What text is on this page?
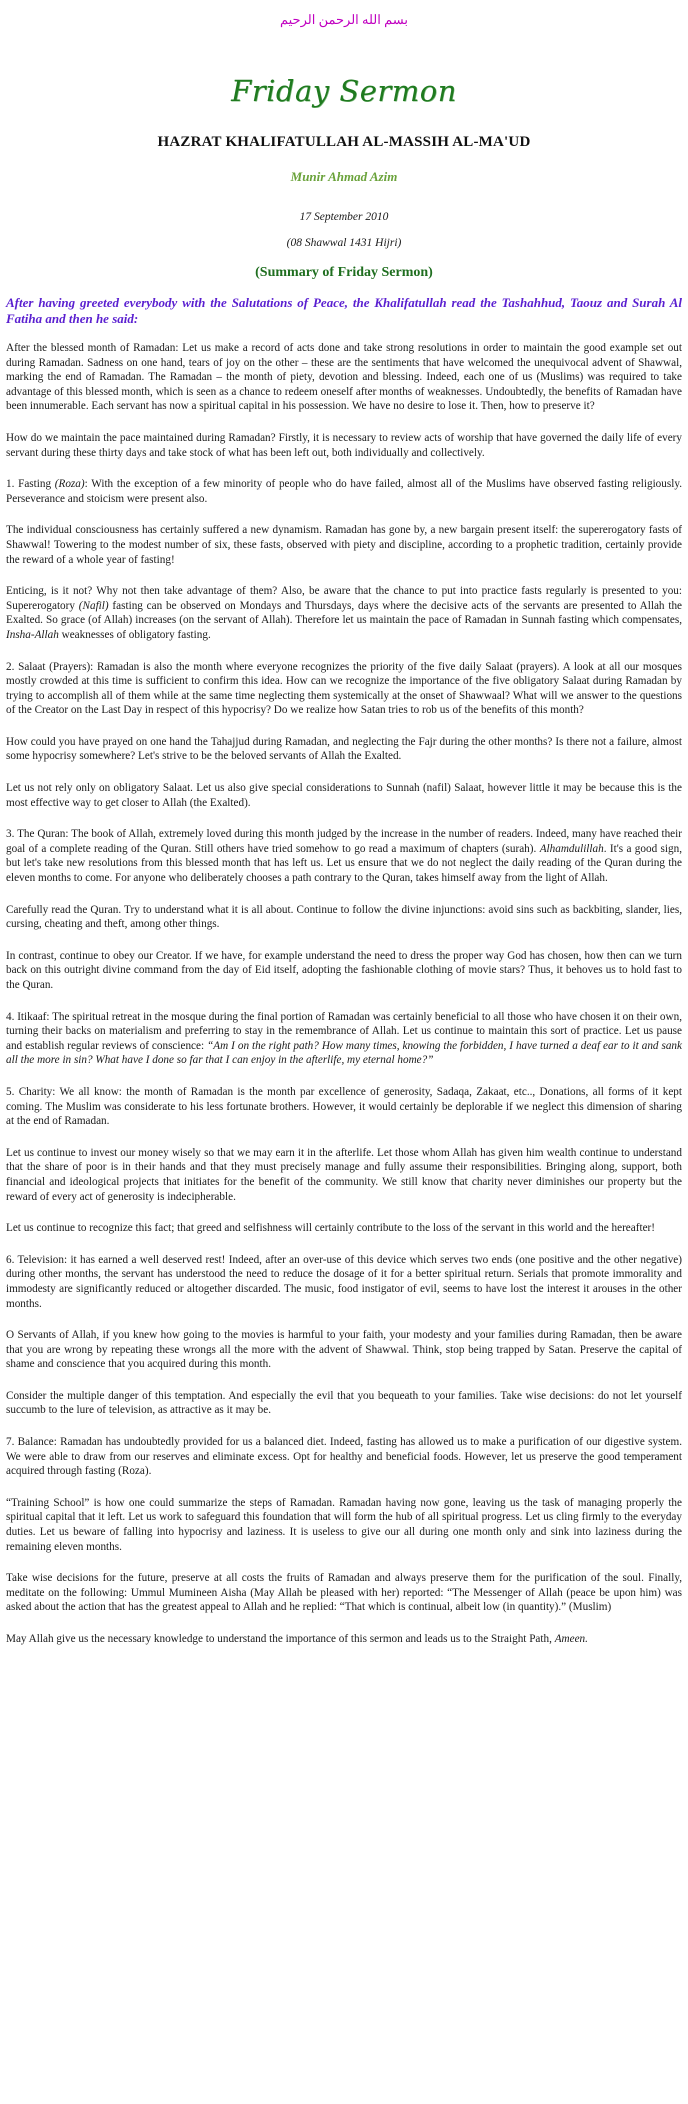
بسم الله الرحمن الرحيم
Friday Sermon
HAZRAT KHALIFATULLAH AL-MASSIH AL-MA'UD
Munir Ahmad Azim
17 September 2010
(08 Shawwal 1431 Hijri)
(Summary of Friday Sermon)

After having greeted everybody with the Salutations of Peace, the Khalifatullah read the Tashahhud, Taouz and Surah Al Fatiha and then he said:

After the blessed month of Ramadan: Let us make a record of acts done and take strong resolutions in order to maintain the good example set out during Ramadan. Sadness on one hand, tears of joy on the other – these are the sentiments that have welcomed the unequivocal advent of Shawwal, marking the end of Ramadan. The Ramadan – the month of piety, devotion and blessing. Indeed, each one of us (Muslims) was required to take advantage of this blessed month, which is seen as a chance to redeem oneself after months of weaknesses. Undoubtedly, the benefits of Ramadan have been innumerable. Each servant has now a spiritual capital in his possession. We have no desire to lose it. Then, how to preserve it?

How do we maintain the pace maintained during Ramadan? Firstly, it is necessary to review acts of worship that have governed the daily life of every servant during these thirty days and take stock of what has been left out, both individually and collectively.

1. Fasting (Roza): With the exception of a few minority of people who do have failed, almost all of the Muslims have observed fasting religiously. Perseverance and stoicism were present also.

The individual consciousness has certainly suffered a new dynamism. Ramadan has gone by, a new bargain present itself: the supererogatory fasts of Shawwal! Towering to the modest number of six, these fasts, observed with piety and discipline, according to a prophetic tradition, certainly provide the reward of a whole year of fasting!

Enticing, is it not? Why not then take advantage of them? Also, be aware that the chance to put into practice fasts regularly is presented to you: Supererogatory (Nafil) fasting can be observed on Mondays and Thursdays, days where the decisive acts of the servants are presented to Allah the Exalted. So grace (of Allah) increases (on the servant of Allah). Therefore let us maintain the pace of Ramadan in Sunnah fasting which compensates, Insha-Allah weaknesses of obligatory fasting.

2. Salaat (Prayers): Ramadan is also the month where everyone recognizes the priority of the five daily Salaat (prayers). A look at all our mosques mostly crowded at this time is sufficient to confirm this idea. How can we recognize the importance of the five obligatory Salaat during Ramadan by trying to accomplish all of them while at the same time neglecting them systemically at the onset of Shawwaal? What will we answer to the questions of the Creator on the Last Day in respect of this hypocrisy? Do we realize how Satan tries to rob us of the benefits of this month?

How could you have prayed on one hand the Tahajjud during Ramadan, and neglecting the Fajr during the other months? Is there not a failure, almost some hypocrisy somewhere? Let's strive to be the beloved servants of Allah the Exalted.

Let us not rely only on obligatory Salaat. Let us also give special considerations to Sunnah (nafil) Salaat, however little it may be because this is the most effective way to get closer to Allah (the Exalted).

3. The Quran: The book of Allah, extremely loved during this month judged by the increase in the number of readers. Indeed, many have reached their goal of a complete reading of the Quran. Still others have tried somehow to go read a maximum of chapters (surah). Alhamdulillah. It's a good sign, but let's take new resolutions from this blessed month that has left us. Let us ensure that we do not neglect the daily reading of the Quran during the eleven months to come. For anyone who deliberately chooses a path contrary to the Quran, takes himself away from the light of Allah.

Carefully read the Quran. Try to understand what it is all about. Continue to follow the divine injunctions: avoid sins such as backbiting, slander, lies, cursing, cheating and theft, among other things.

In contrast, continue to obey our Creator. If we have, for example understand the need to dress the proper way God has chosen, how then can we turn back on this outright divine command from the day of Eid itself, adopting the fashionable clothing of movie stars? Thus, it behoves us to hold fast to the Quran.

4. Itikaaf: The spiritual retreat in the mosque during the final portion of Ramadan was certainly beneficial to all those who have chosen it on their own, turning their backs on materialism and preferring to stay in the remembrance of Allah. Let us continue to maintain this sort of practice. Let us pause and establish regular reviews of conscience: “Am I on the right path? How many times, knowing the forbidden, I have turned a deaf ear to it and sank all the more in sin? What have I done so far that I can enjoy in the afterlife, my eternal home?”

5. Charity: We all know: the month of Ramadan is the month par excellence of generosity, Sadaqa, Zakaat, etc.., Donations, all forms of it kept coming. The Muslim was considerate to his less fortunate brothers. However, it would certainly be deplorable if we neglect this dimension of sharing at the end of Ramadan.

Let us continue to invest our money wisely so that we may earn it in the afterlife. Let those whom Allah has given him wealth continue to understand that the share of poor is in their hands and that they must precisely manage and fully assume their responsibilities. Bringing along, support, both financial and ideological projects that initiates for the benefit of the community. We still know that charity never diminishes our property but the reward of every act of generosity is indecipherable.

Let us continue to recognize this fact; that greed and selfishness will certainly contribute to the loss of the servant in this world and the hereafter!

6. Television: it has earned a well deserved rest! Indeed, after an over-use of this device which serves two ends (one positive and the other negative) during other months, the servant has understood the need to reduce the dosage of it for a better spiritual return. Serials that promote immorality and immodesty are significantly reduced or altogether discarded. The music, food instigator of evil, seems to have lost the interest it arouses in the other months.

O Servants of Allah, if you knew how going to the movies is harmful to your faith, your modesty and your families during Ramadan, then be aware that you are wrong by repeating these wrongs all the more with the advent of Shawwal. Think, stop being trapped by Satan. Preserve the capital of shame and conscience that you acquired during this month.

Consider the multiple danger of this temptation. And especially the evil that you bequeath to your families. Take wise decisions: do not let yourself succumb to the lure of television, as attractive as it may be.

7. Balance: Ramadan has undoubtedly provided for us a balanced diet. Indeed, fasting has allowed us to make a purification of our digestive system. We were able to draw from our reserves and eliminate excess. Opt for healthy and beneficial foods. However, let us preserve the good temperament acquired through fasting (Roza).

“Training School” is how one could summarize the steps of Ramadan. Ramadan having now gone, leaving us the task of managing properly the spiritual capital that it left. Let us work to safeguard this foundation that will form the hub of all spiritual progress. Let us cling firmly to the everyday duties. Let us beware of falling into hypocrisy and laziness. It is useless to give our all during one month only and sink into laziness during the remaining eleven months.

Take wise decisions for the future, preserve at all costs the fruits of Ramadan and always preserve them for the purification of the soul. Finally, meditate on the following: Ummul Mumineen Aisha (May Allah be pleased with her) reported: “The Messenger of Allah (peace be upon him) was asked about the action that has the greatest appeal to Allah and he replied: “That which is continual, albeit low (in quantity).” (Muslim)

May Allah give us the necessary knowledge to understand the importance of this sermon and leads us to the Straight Path, Ameen.
